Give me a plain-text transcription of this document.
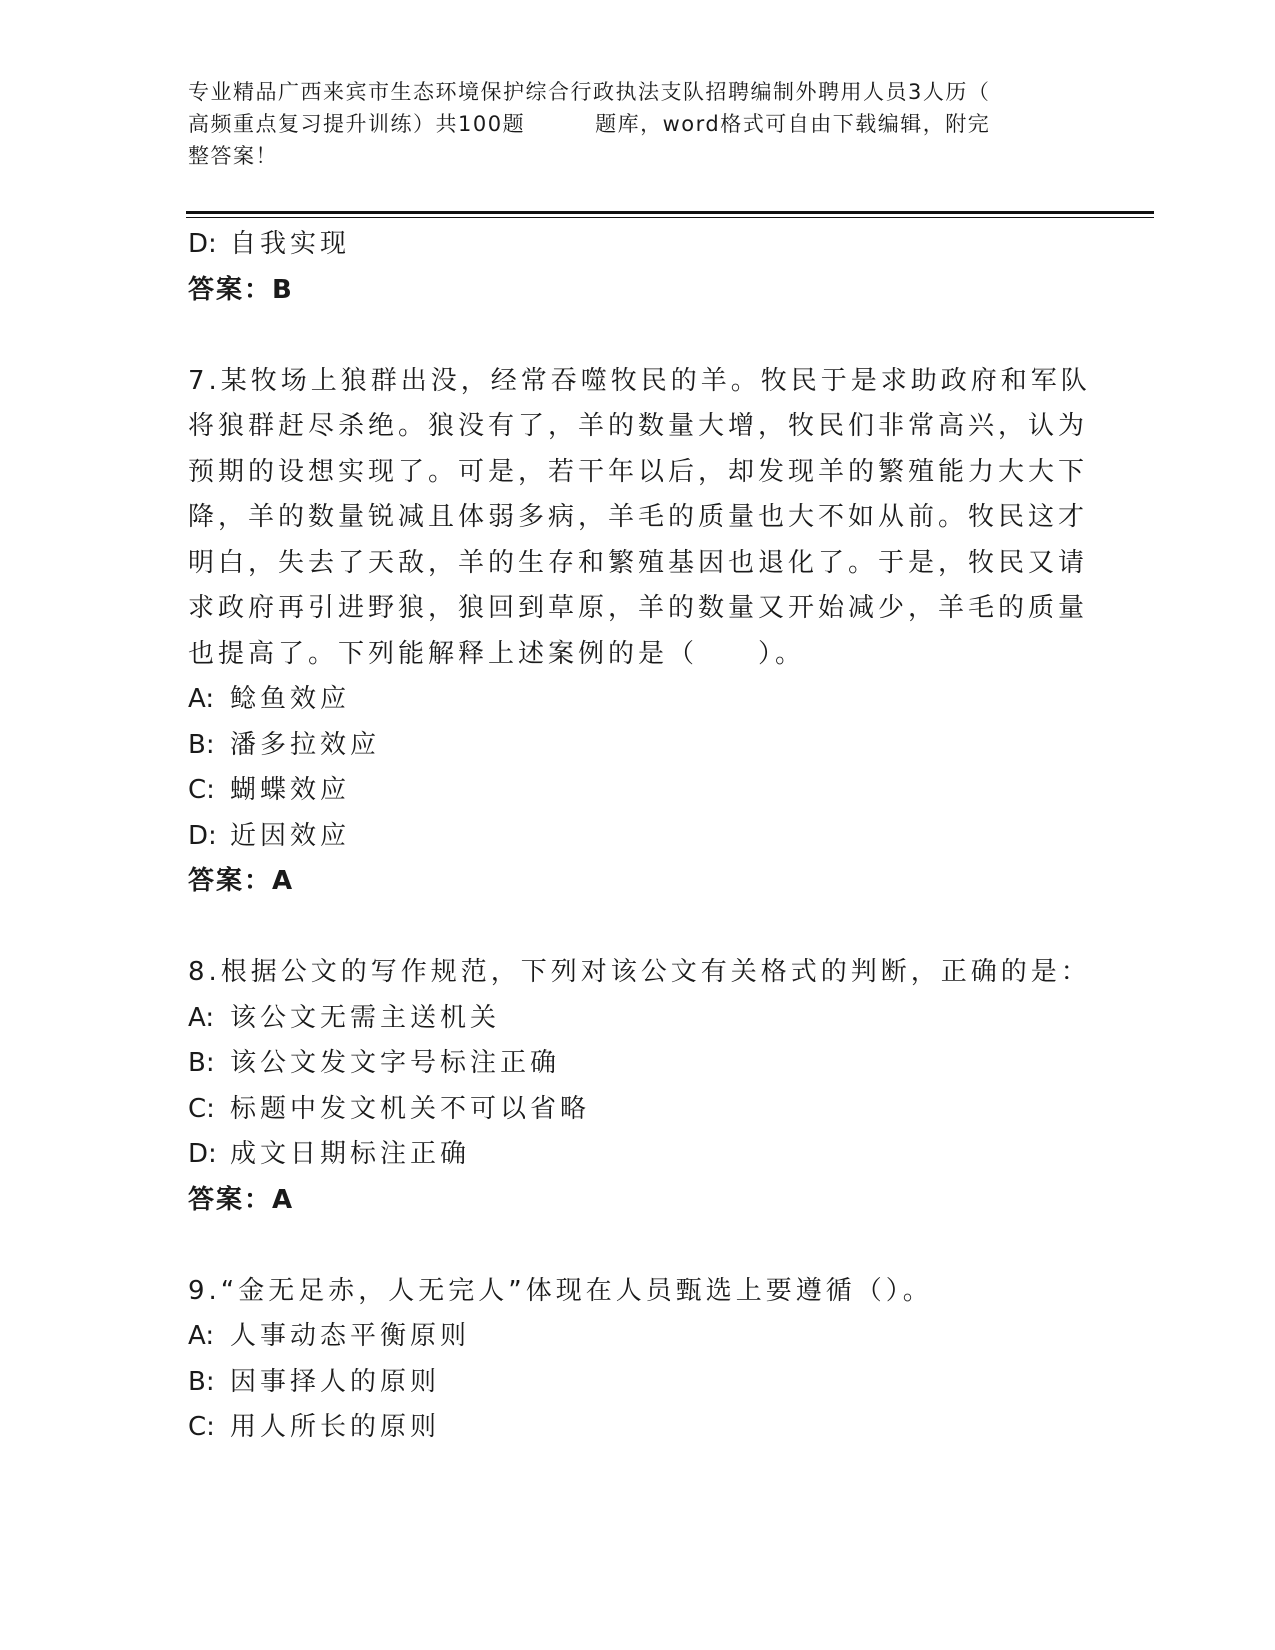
专业精品广西来宾市生态环境保护综合行政执法支队招聘编制外聘用人员3人历（
高频重点复习提升训练）共100题	题库，word格式可自由下载编辑，附完
整答案！
D: 自我实现
答案：B
7.某牧场上狼群出没，经常吞噬牧民的羊。牧民于是求助政府和军队
将狼群赶尽杀绝。狼没有了，羊的数量大增，牧民们非常高兴，认为
预期的设想实现了。可是，若干年以后，却发现羊的繁殖能力大大下
降，羊的数量锐减且体弱多病，羊毛的质量也大不如从前。牧民这才
明白，失去了天敌，羊的生存和繁殖基因也退化了。于是，牧民又请
求政府再引进野狼，狼回到草原，羊的数量又开始减少，羊毛的质量
也提高了。下列能解释上述案例的是（　　）。
A: 鲶鱼效应
B: 潘多拉效应
C: 蝴蝶效应
D: 近因效应
答案：A
8.根据公文的写作规范，下列对该公文有关格式的判断，正确的是：
A: 该公文无需主送机关
B: 该公文发文字号标注正确
C: 标题中发文机关不可以省略
D: 成文日期标注正确
答案：A
9.“金无足赤，人无完人”体现在人员甄选上要遵循（）。
A: 人事动态平衡原则
B: 因事择人的原则
C: 用人所长的原则
